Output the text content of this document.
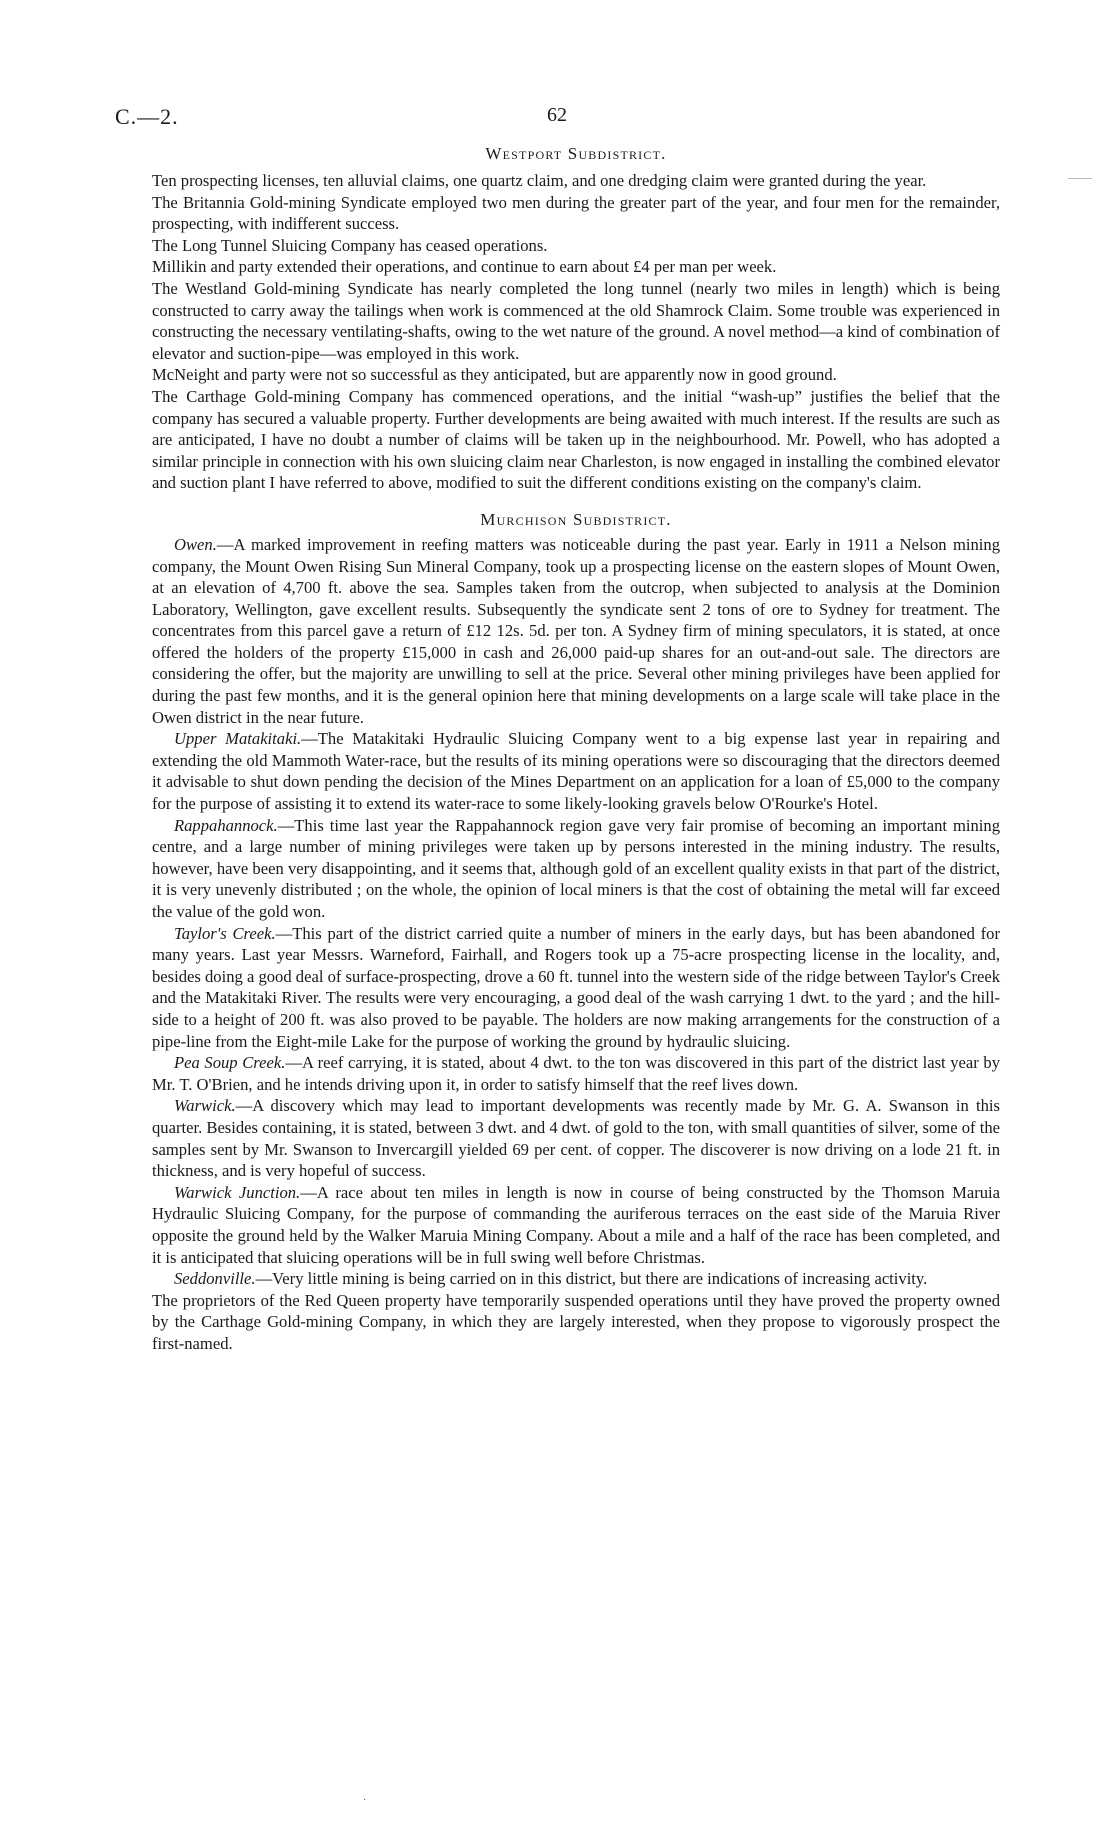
C.—2.	62
Westport Subdistrict.

Ten prospecting licenses, ten alluvial claims, one quartz claim, and one dredging claim were granted during the year.

The Britannia Gold-mining Syndicate employed two men during the greater part of the year, and four men for the remainder, prospecting, with indifferent success.

The Long Tunnel Sluicing Company has ceased operations.

Millikin and party extended their operations, and continue to earn about £4 per man per week.

The Westland Gold-mining Syndicate has nearly completed the long tunnel (nearly two miles in length) which is being constructed to carry away the tailings when work is commenced at the old Shamrock Claim. Some trouble was experienced in constructing the necessary ventilating-shafts, owing to the wet nature of the ground. A novel method—a kind of combination of elevator and suction-pipe—was employed in this work.

McNeight and party were not so successful as they anticipated, but are apparently now in good ground.

The Carthage Gold-mining Company has commenced operations, and the initial “wash-up” justifies the belief that the company has secured a valuable property. Further developments are being awaited with much interest. If the results are such as are anticipated, I have no doubt a number of claims will be taken up in the neighbourhood. Mr. Powell, who has adopted a similar principle in connection with his own sluicing claim near Charleston, is now engaged in installing the combined elevator and suction plant I have referred to above, modified to suit the different conditions existing on the company's claim.

Murchison Subdistrict.

Owen.—A marked improvement in reefing matters was noticeable during the past year. Early in 1911 a Nelson mining company, the Mount Owen Rising Sun Mineral Company, took up a prospecting license on the eastern slopes of Mount Owen, at an elevation of 4,700 ft. above the sea. Samples taken from the outcrop, when subjected to analysis at the Dominion Laboratory, Wellington, gave excellent results. Subsequently the syndicate sent 2 tons of ore to Sydney for treatment. The concentrates from this parcel gave a return of £12 12s. 5d. per ton. A Sydney firm of mining speculators, it is stated, at once offered the holders of the property £15,000 in cash and 26,000 paid-up shares for an out-and-out sale. The directors are considering the offer, but the majority are unwilling to sell at the price. Several other mining privileges have been applied for during the past few months, and it is the general opinion here that mining developments on a large scale will take place in the Owen district in the near future.

Upper Matakitaki.—The Matakitaki Hydraulic Sluicing Company went to a big expense last year in repairing and extending the old Mammoth Water-race, but the results of its mining operations were so discouraging that the directors deemed it advisable to shut down pending the decision of the Mines Department on an application for a loan of £5,000 to the company for the purpose of assisting it to extend its water-race to some likely-looking gravels below O'Rourke's Hotel.

Rappahannock.—This time last year the Rappahannock region gave very fair promise of becoming an important mining centre, and a large number of mining privileges were taken up by persons interested in the mining industry. The results, however, have been very disappointing, and it seems that, although gold of an excellent quality exists in that part of the district, it is very unevenly distributed ; on the whole, the opinion of local miners is that the cost of obtaining the metal will far exceed the value of the gold won.

Taylor's Creek.—This part of the district carried quite a number of miners in the early days, but has been abandoned for many years. Last year Messrs. Warneford, Fairhall, and Rogers took up a 75-acre prospecting license in the locality, and, besides doing a good deal of surface-prospecting, drove a 60 ft. tunnel into the western side of the ridge between Taylor's Creek and the Matakitaki River. The results were very encouraging, a good deal of the wash carrying 1 dwt. to the yard ; and the hill-side to a height of 200 ft. was also proved to be payable. The holders are now making arrangements for the construction of a pipe-line from the Eight-mile Lake for the purpose of working the ground by hydraulic sluicing.

Pea Soup Creek.—A reef carrying, it is stated, about 4 dwt. to the ton was discovered in this part of the district last year by Mr. T. O'Brien, and he intends driving upon it, in order to satisfy himself that the reef lives down.

Warwick.—A discovery which may lead to important developments was recently made by Mr. G. A. Swanson in this quarter. Besides containing, it is stated, between 3 dwt. and 4 dwt. of gold to the ton, with small quantities of silver, some of the samples sent by Mr. Swanson to Invercargill yielded 69 per cent. of copper. The discoverer is now driving on a lode 21 ft. in thickness, and is very hopeful of success.

Warwick Junction.—A race about ten miles in length is now in course of being constructed by the Thomson Maruia Hydraulic Sluicing Company, for the purpose of commanding the auriferous terraces on the east side of the Maruia River opposite the ground held by the Walker Maruia Mining Company. About a mile and a half of the race has been completed, and it is anticipated that sluicing operations will be in full swing well before Christmas.

Seddonville.—Very little mining is being carried on in this district, but there are indications of increasing activity.

The proprietors of the Red Queen property have temporarily suspended operations until they have proved the property owned by the Carthage Gold-mining Company, in which they are largely interested, when they propose to vigorously prospect the first-named.

·
